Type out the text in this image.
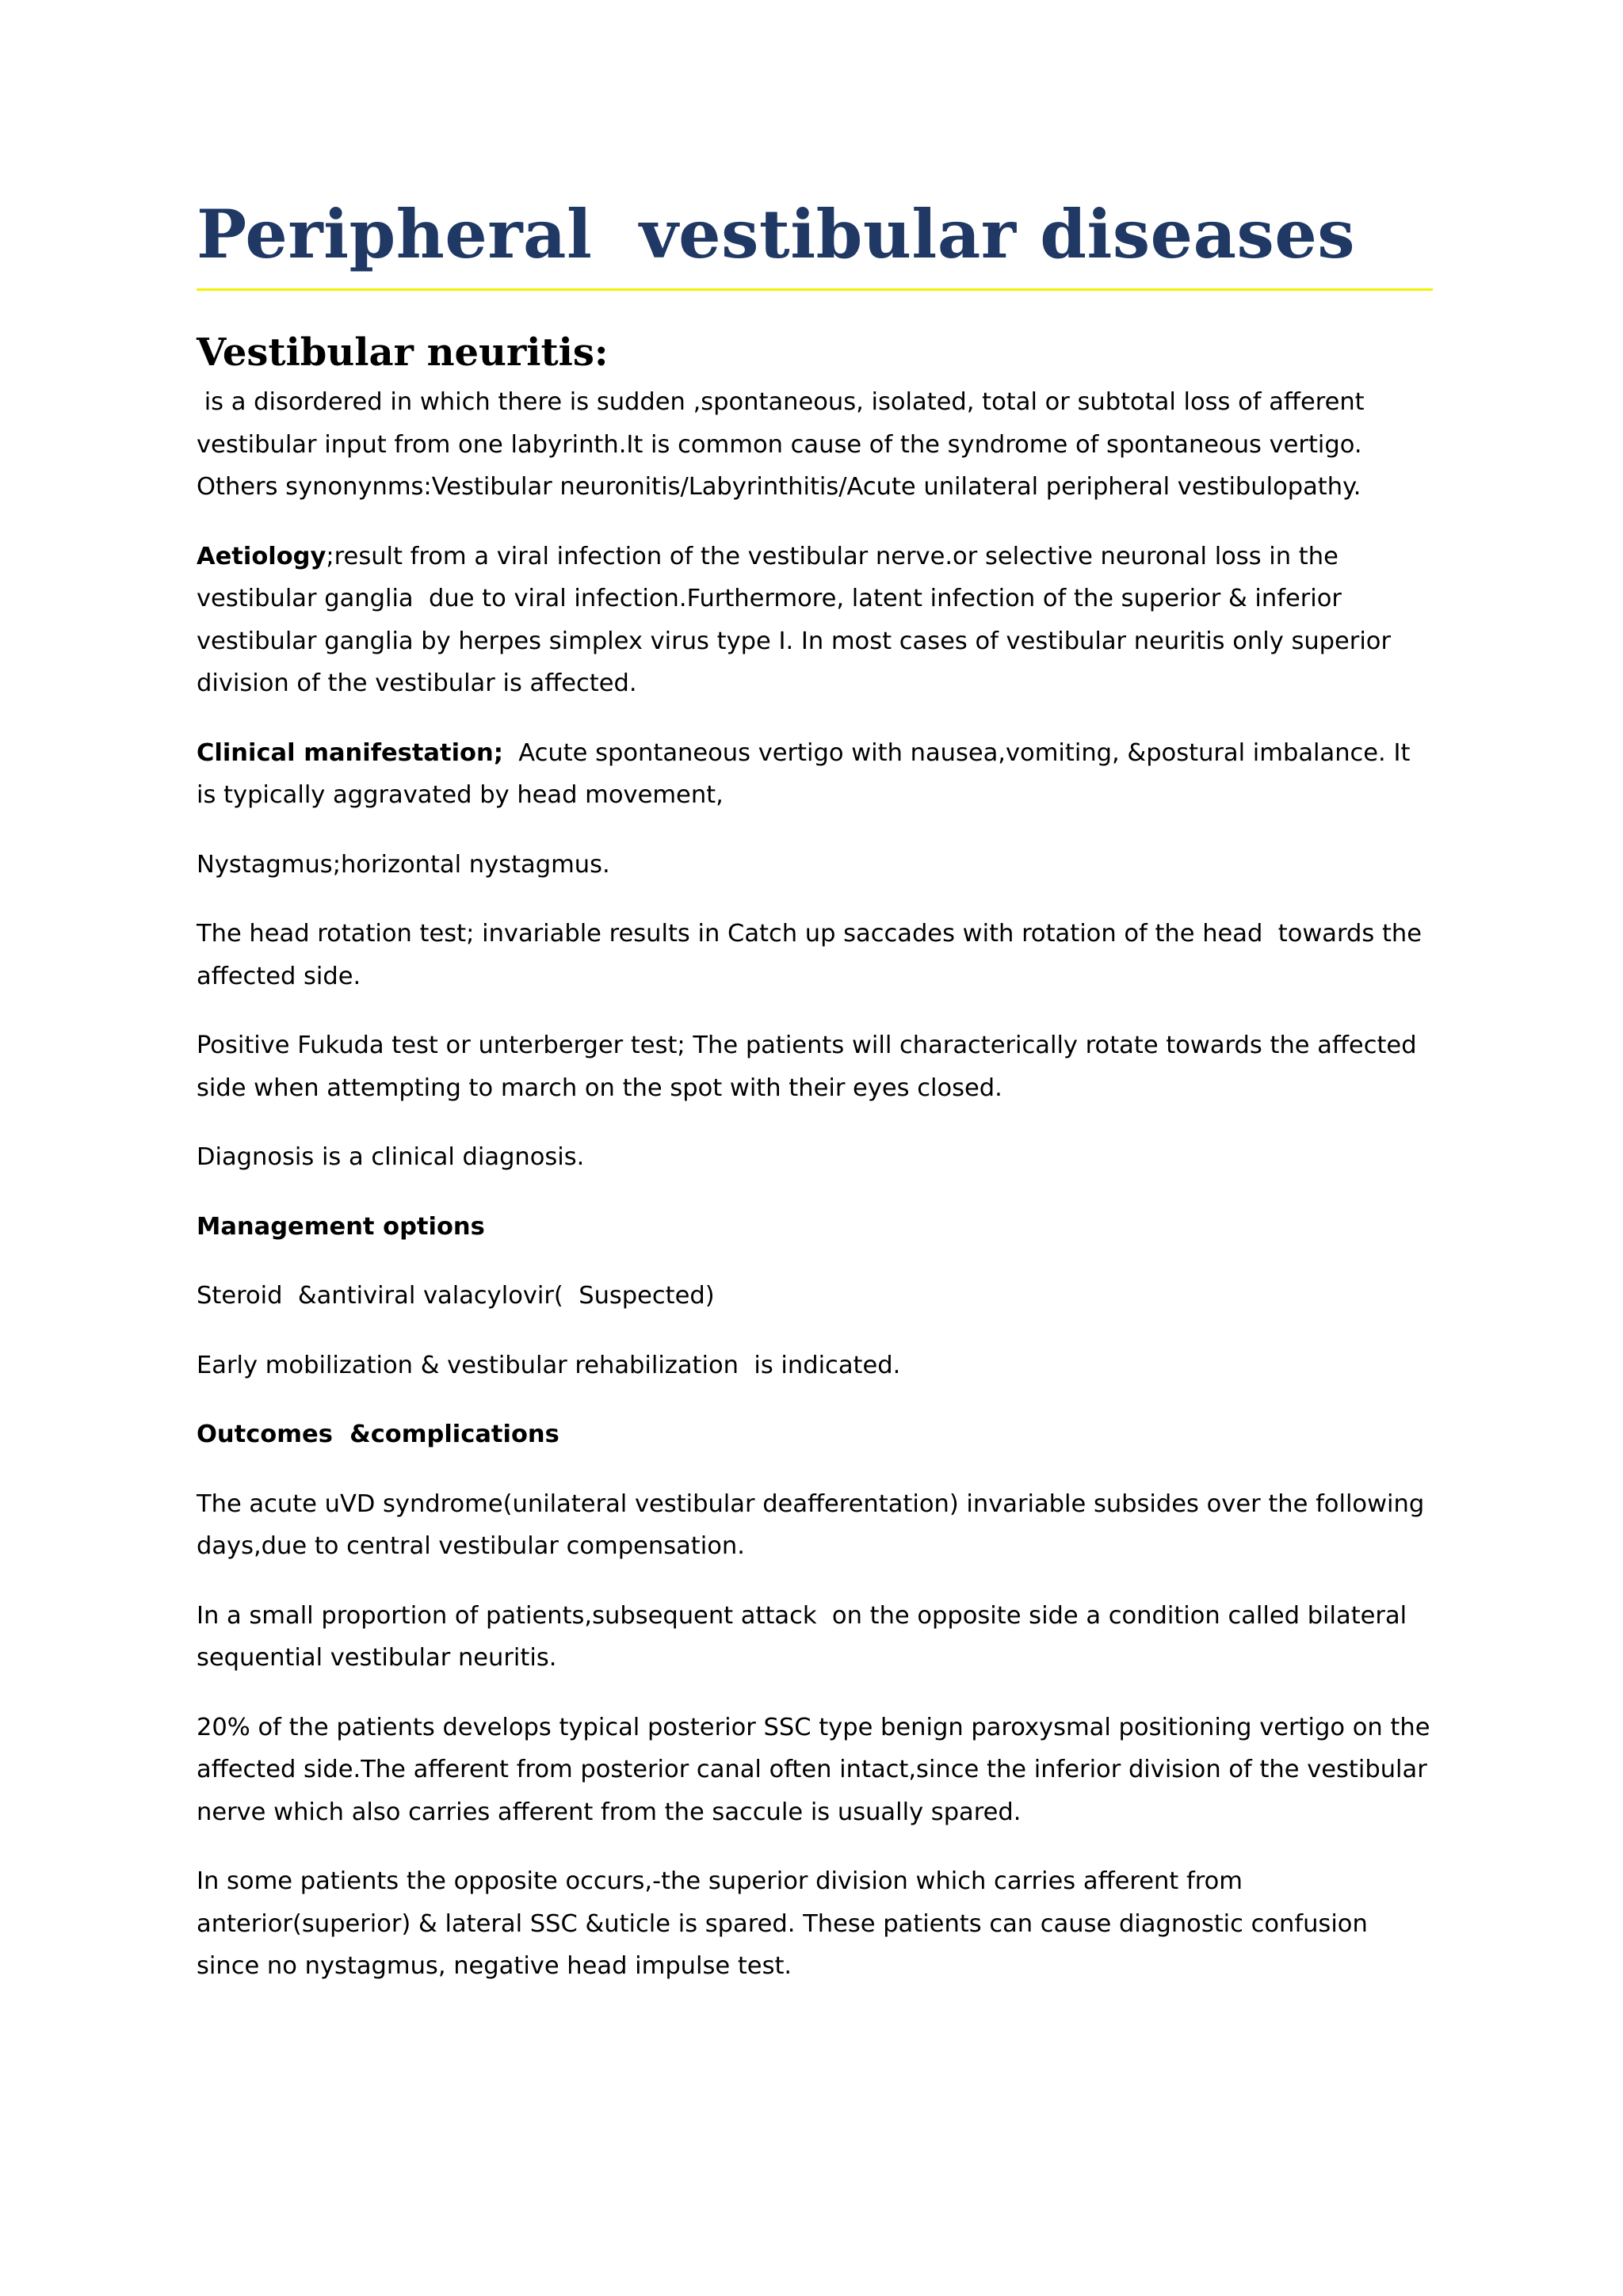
Peripheral  vestibular diseases
Vestibular neuritis:

is a disordered in which there is sudden ,spontaneous, isolated, total or subtotal loss of afferent vestibular input from one labyrinth.It is common cause of the syndrome of spontaneous vertigo. Others synonynms:Vestibular neuronitis/Labyrinthitis/Acute unilateral peripheral vestibulopathy.

Aetiology;result from a viral infection of the vestibular nerve.or selective neuronal loss in the vestibular ganglia  due to viral infection.Furthermore, latent infection of the superior & inferior vestibular ganglia by herpes simplex virus type I. In most cases of vestibular neuritis only superior division of the vestibular is affected.

Clinical manifestation;  Acute spontaneous vertigo with nausea,vomiting, &postural imbalance. It is typically aggravated by head movement,

Nystagmus;horizontal nystagmus.

The head rotation test; invariable results in Catch up saccades with rotation of the head  towards the affected side.

Positive Fukuda test or unterberger test; The patients will characterically rotate towards the affected side when attempting to march on the spot with their eyes closed.

Diagnosis is a clinical diagnosis.

Management options

Steroid  &antiviral valacylovir(  Suspected)

Early mobilization & vestibular rehabilization  is indicated.

Outcomes  &complications

The acute uVD syndrome(unilateral vestibular deafferentation) invariable subsides over the following days,due to central vestibular compensation.

In a small proportion of patients,subsequent attack  on the opposite side a condition called bilateral sequential vestibular neuritis.

20% of the patients develops typical posterior SSC type benign paroxysmal positioning vertigo on the affected side.The afferent from posterior canal often intact,since the inferior division of the vestibular nerve which also carries afferent from the saccule is usually spared.

In some patients the opposite occurs,-the superior division which carries afferent from anterior(superior) & lateral SSC &uticle is spared. These patients can cause diagnostic confusion since no nystagmus, negative head impulse test.
